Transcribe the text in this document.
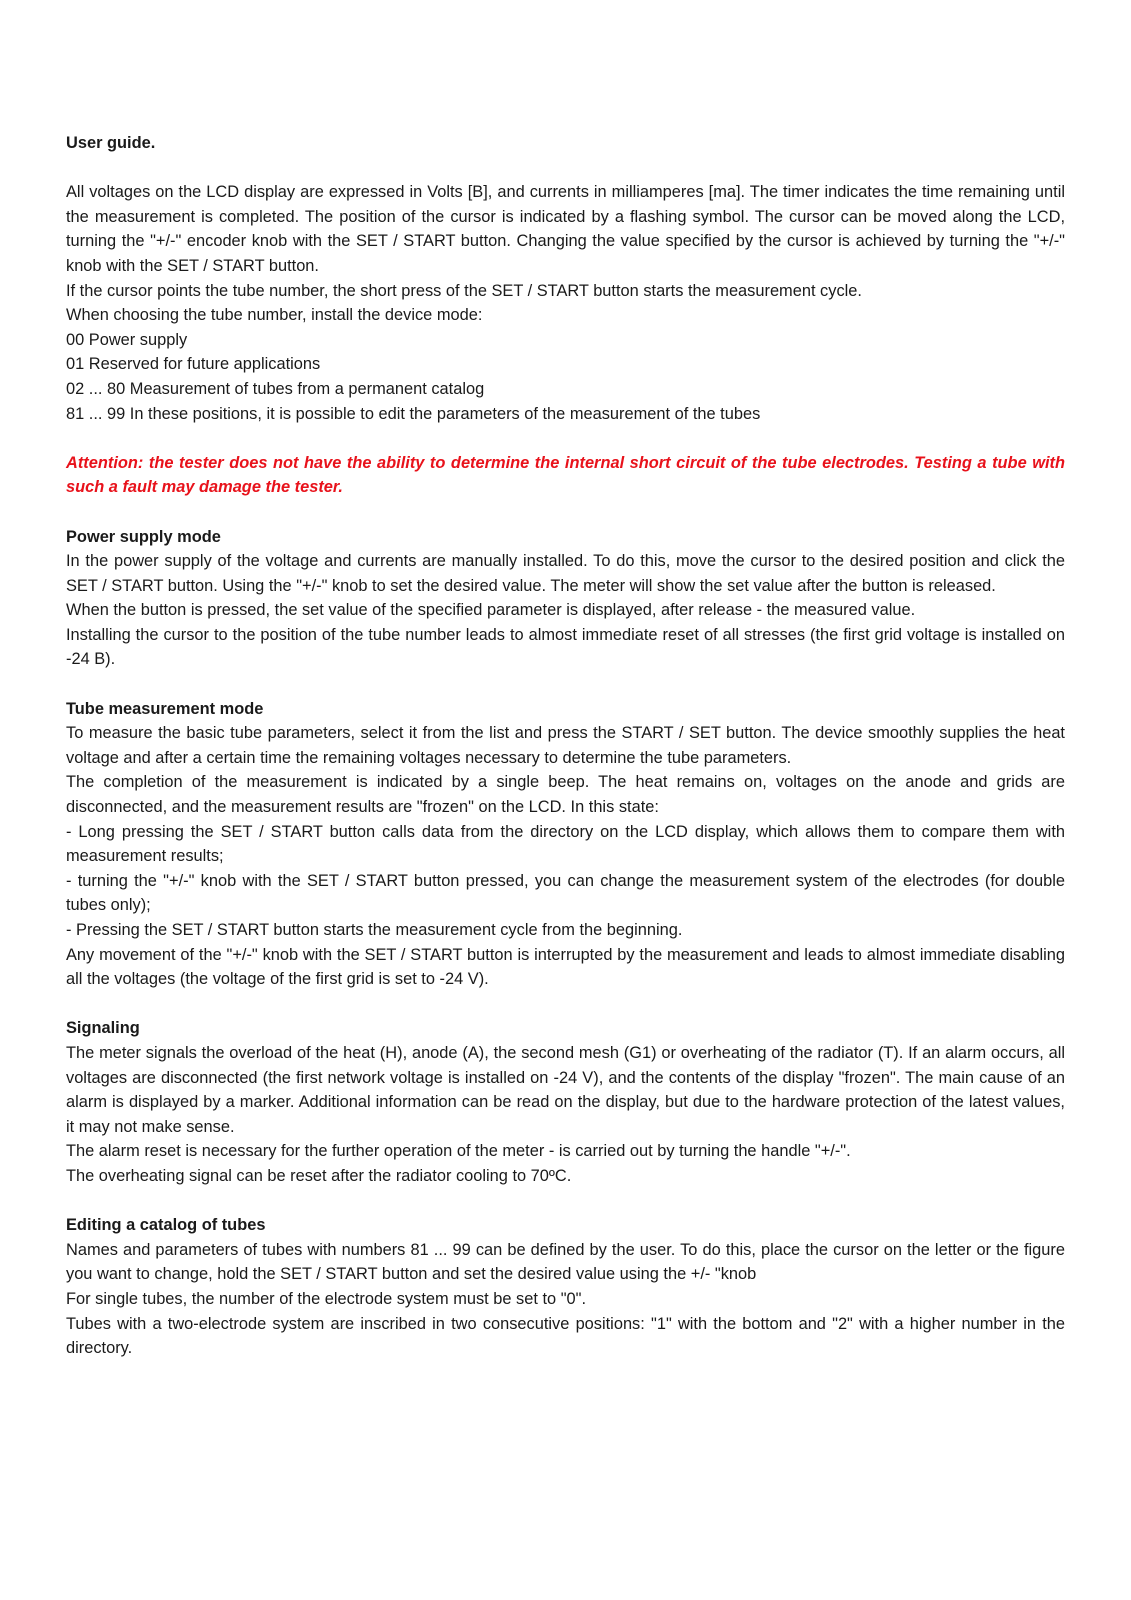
User guide.

All voltages on the LCD display are expressed in Volts [B], and currents in milliamperes [ma]. The timer indicates the time remaining until the measurement is completed. The position of the cursor is indicated by a flashing symbol. The cursor can be moved along the LCD, turning the "+/-" encoder knob with the SET / START button. Changing the value specified by the cursor is achieved by turning the "+/-" knob with the SET / START button.

If the cursor points the tube number, the short press of the SET / START button starts the measurement cycle.

When choosing the tube number, install the device mode:

00 Power supply

01 Reserved for future applications

02 ... 80 Measurement of tubes from a permanent catalog

81 ... 99 In these positions, it is possible to edit the parameters of the measurement of the tubes

Attention: the tester does not have the ability to determine the internal short circuit of the tube electrodes. Testing a tube with such a fault may damage the tester.

Power supply mode

In the power supply of the voltage and currents are manually installed. To do this, move the cursor to the desired position and click the SET / START button. Using the "+/-" knob to set the desired value. The meter will show the set value after the button is released.

When the button is pressed, the set value of the specified parameter is displayed, after release - the measured value.

Installing the cursor to the position of the tube number leads to almost immediate reset of all stresses (the first grid voltage is installed on -24 B).

Tube measurement mode

To measure the basic tube parameters, select it from the list and press the START / SET button. The device smoothly supplies the heat voltage and after a certain time the remaining voltages necessary to determine the tube parameters.

The completion of the measurement is indicated by a single beep. The heat remains on, voltages on the anode and grids are disconnected, and the measurement results are "frozen" on the LCD. In this state:

- Long pressing the SET / START button calls data from the directory on the LCD display, which allows them to compare them with measurement results;

- turning the "+/-" knob with the SET / START button pressed, you can change the measurement system of the electrodes (for double tubes only);

- Pressing the SET / START button starts the measurement cycle from the beginning.

Any movement of the "+/-" knob with the SET / START button is interrupted by the measurement and leads to almost immediate disabling all the voltages (the voltage of the first grid is set to -24 V).

Signaling

The meter signals the overload of the heat (H), anode (A), the second mesh (G1) or overheating of the radiator (T). If an alarm occurs, all voltages are disconnected (the first network voltage is installed on -24 V), and the contents of the display "frozen". The main cause of an alarm is displayed by a marker. Additional information can be read on the display, but due to the hardware protection of the latest values, it may not make sense.

The alarm reset is necessary for the further operation of the meter - is carried out by turning the handle "+/-".

The overheating signal can be reset after the radiator cooling to 70ºC.

Editing a catalog of tubes

Names and parameters of tubes with numbers 81 ... 99 can be defined by the user. To do this, place the cursor on the letter or the figure you want to change, hold the SET / START button and set the desired value using the +/- "knob

For single tubes, the number of the electrode system must be set to "0".

Tubes with a two-electrode system are inscribed in two consecutive positions: "1" with the bottom and "2" with a higher number in the directory.
